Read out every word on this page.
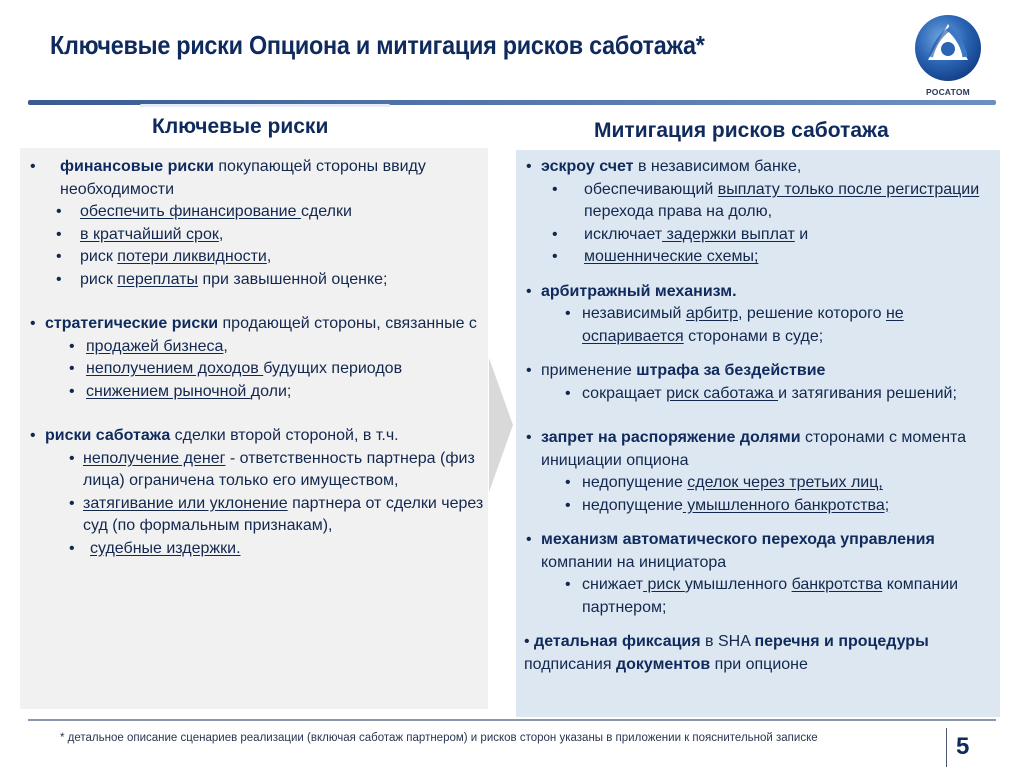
Ключевые риски Опциона и митигация рисков саботажа*
РОСАТОМ
Ключевые риски	Митигация рисков саботажа
• финансовые риски покупающей стороны ввиду необходимости
• обеспечить финансирование сделки
• в кратчайший срок,
• риск потери ликвидности,
• риск переплаты при завышенной оценке;
• стратегические риски продающей стороны, связанные с
• продажей бизнеса,
• неполучением доходов будущих периодов
• снижением рыночной доли;
• риски саботажа сделки второй стороной, в т.ч.
• неполучение денег - ответственность партнера (физ лица) ограничена только его имуществом,
• затягивание или уклонение партнера от сделки через суд (по формальным признакам),
• судебные издержки.
• эскроу счет в независимом банке,
• обеспечивающий выплату только после регистрации перехода права на долю,
• исключает задержки выплат и
• мошеннические схемы;
• арбитражный механизм.
• независимый арбитр, решение которого не оспаривается сторонами в суде;
• применение штрафа за бездействие
• сокращает риск саботажа и затягивания решений;
• запрет на распоряжение долями сторонами с момента инициации опциона
• недопущение сделок через третьих лиц,
• недопущение умышленного банкротства;
• механизм автоматического перехода управления компании на инициатора
• снижает риск умышленного банкротства компании партнером;
• детальная фиксация в SHA перечня и процедуры подписания документов при опционе
* детальное описание сценариев реализации (включая саботаж партнером) и рисков сторон указаны в приложении к пояснительной записке	5
